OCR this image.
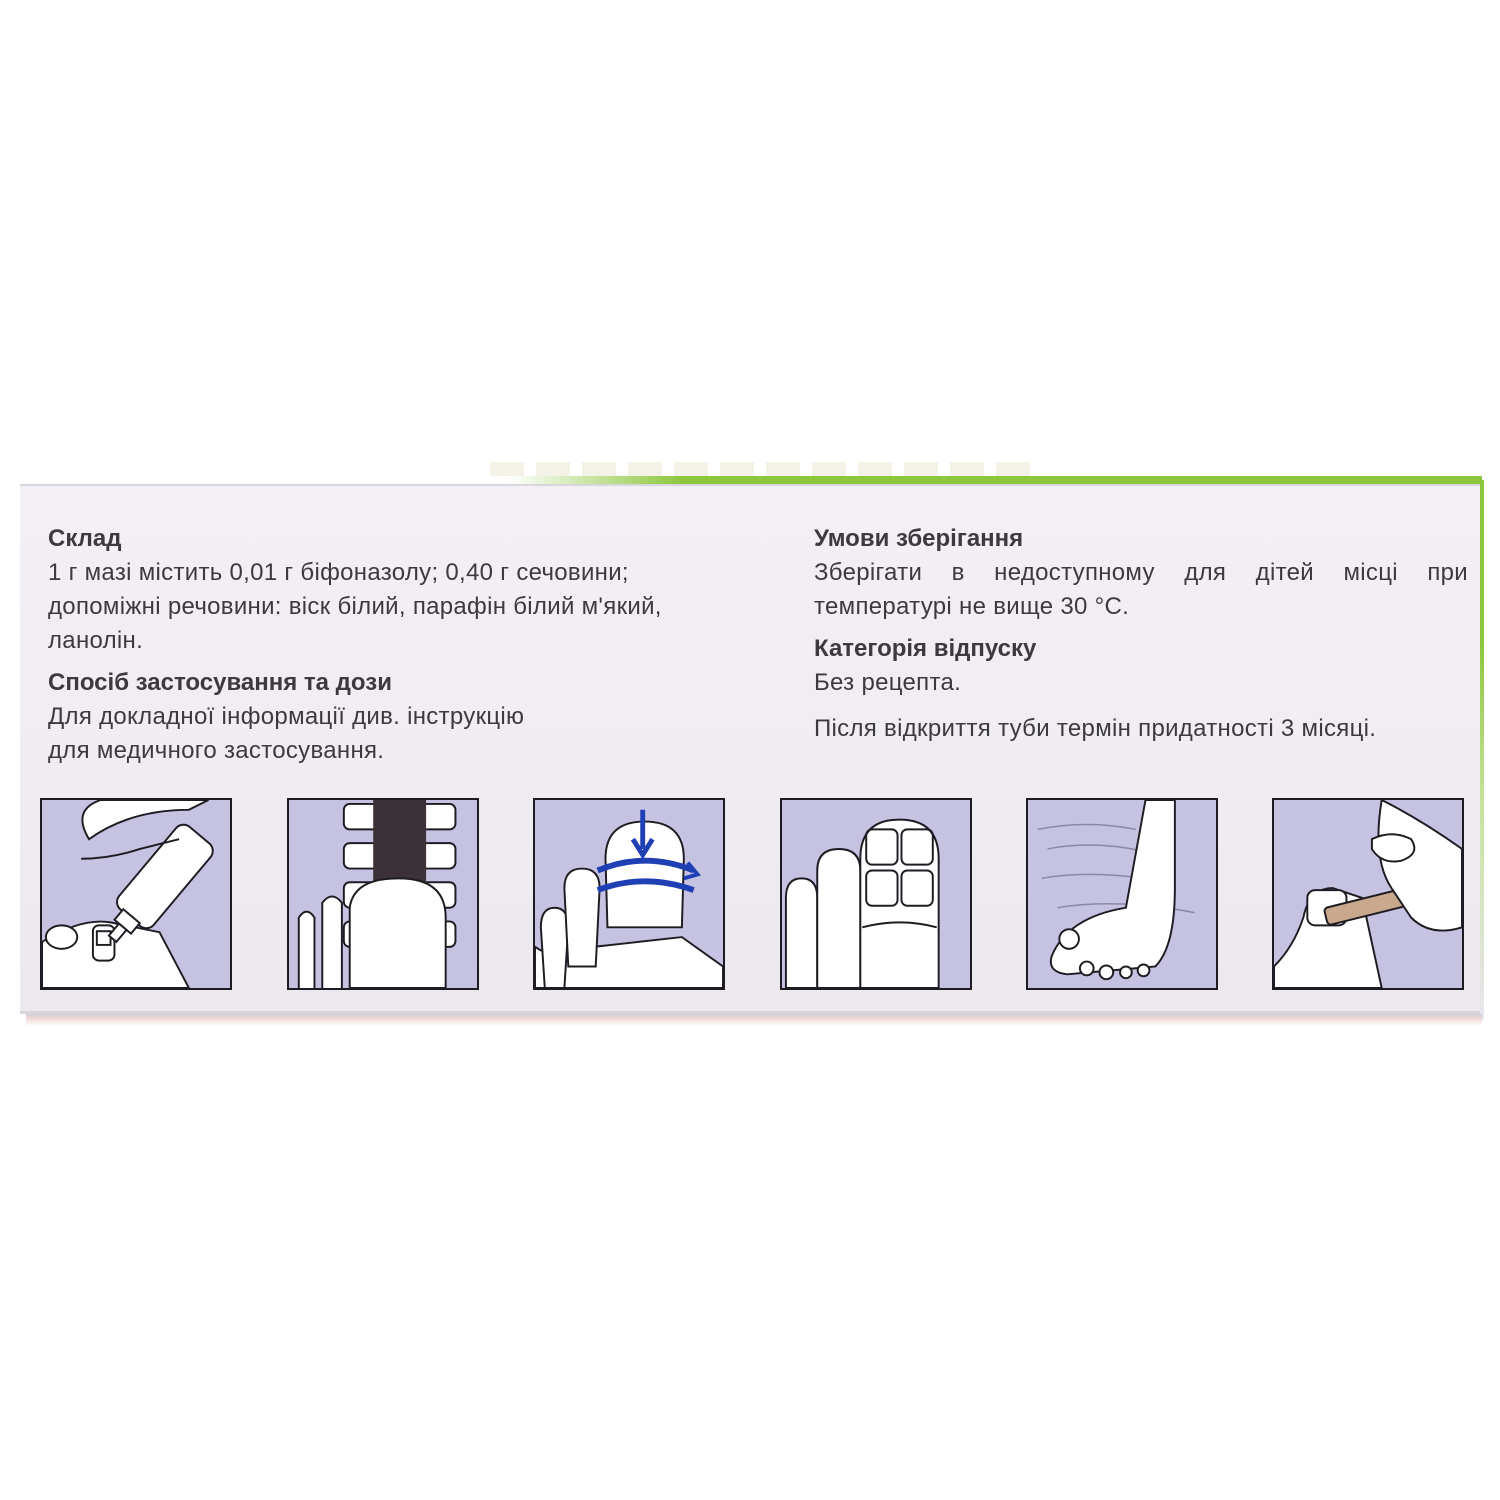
Склад

1 г мазі містить 0,01 г біфоназолу; 0,40 г сечовини;
допоміжні речовини: віск білий, парафін білий м'який,
ланолін.

Спосіб застосування та дози

Для докладної інформації див. інструкцію
для медичного застосування.

Умови зберігання

Зберігати в недоступному для дітей місці при температурі не вище 30 °C.

Категорія відпуску

Без рецепта.

Після відкриття туби термін придатності 3 місяці.
